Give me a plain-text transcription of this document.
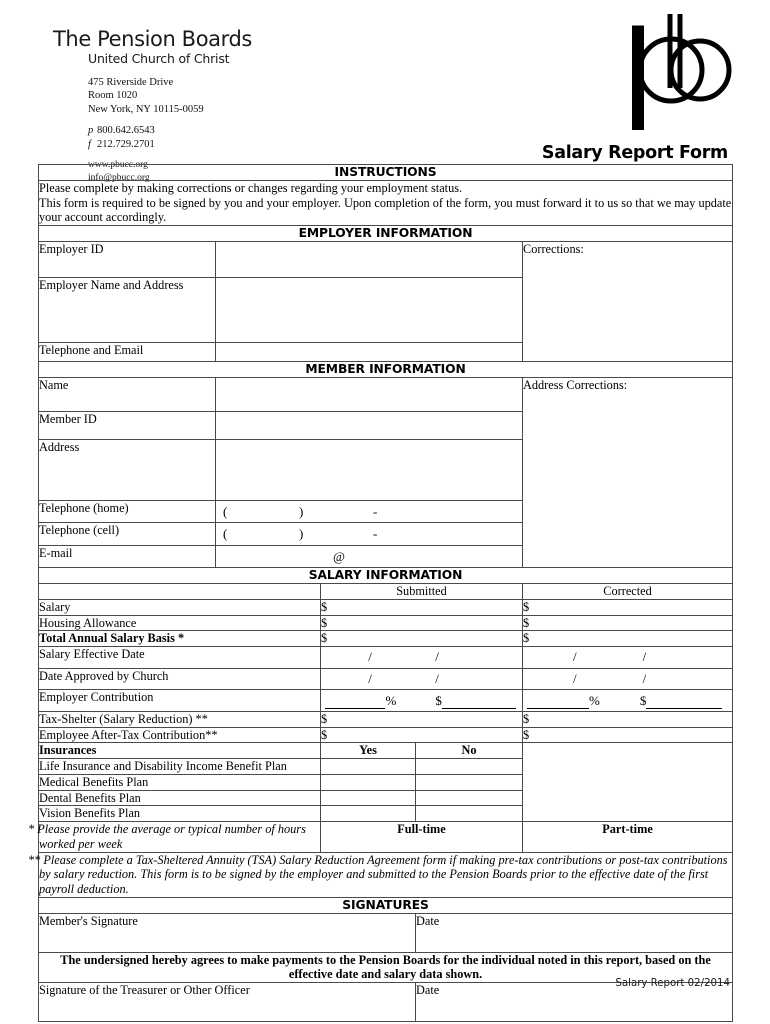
The Pension Boards
United Church of Christ
475 Riverside Drive
Room 1020
New York, NY 10115-0059
p 800.642.6543
f 212.729.2701
www.pbucc.org
info@pbucc.org
Salary Report Form
INSTRUCTIONS				

Please complete by making corrections or changes regarding your employment status.
This form is required to be signed by you and your employer. Upon completion of the form, you must forward it to us so that we may update your account accordingly.				

EMPLOYER INFORMATION				
Employer ID				Corrections:
Employer Name and Address				
Telephone and Email				
MEMBER INFORMATION				
Name				Address Corrections:
Member ID				
Address				
Telephone (home)	( ) -			

Telephone (cell)	( ) -			

E-mail	@			

SALARY INFORMATION				
		Submitted		Corrected
Salary		$		$
Housing Allowance		$		$
Total Annual Salary Basis *		$		$
Salary Effective Date		/ /		/ /

Date Approved by Church		/ /		/ /

Employer Contribution		% $		% $

Tax-Shelter (Salary Reduction) **		$		$
Employee After-Tax Contribution**		$		$
Insurances		Yes	No	
Life Insurance and Disability Income Benefit Plan				
Medical Benefits Plan				
Dental Benefits Plan				
Vision Benefits Plan				
* Please provide the average or typical number of hours worked per week		Full-time		Part-time
** Please complete a Tax-Sheltered Annuity (TSA) Salary Reduction Agreement form if making pre-tax contributions or post-tax contributions by salary reduction. This form is to be signed by the employer and submitted to the Pension Boards prior to the effective date of the first payroll deduction.				
SIGNATURES				
Member's Signature			Date	
The undersigned hereby agrees to make payments to the Pension Boards for the individual noted in this report, based on the effective date and salary data shown.				
Signature of the Treasurer or Other Officer			Date		Salary Report 02/2014
